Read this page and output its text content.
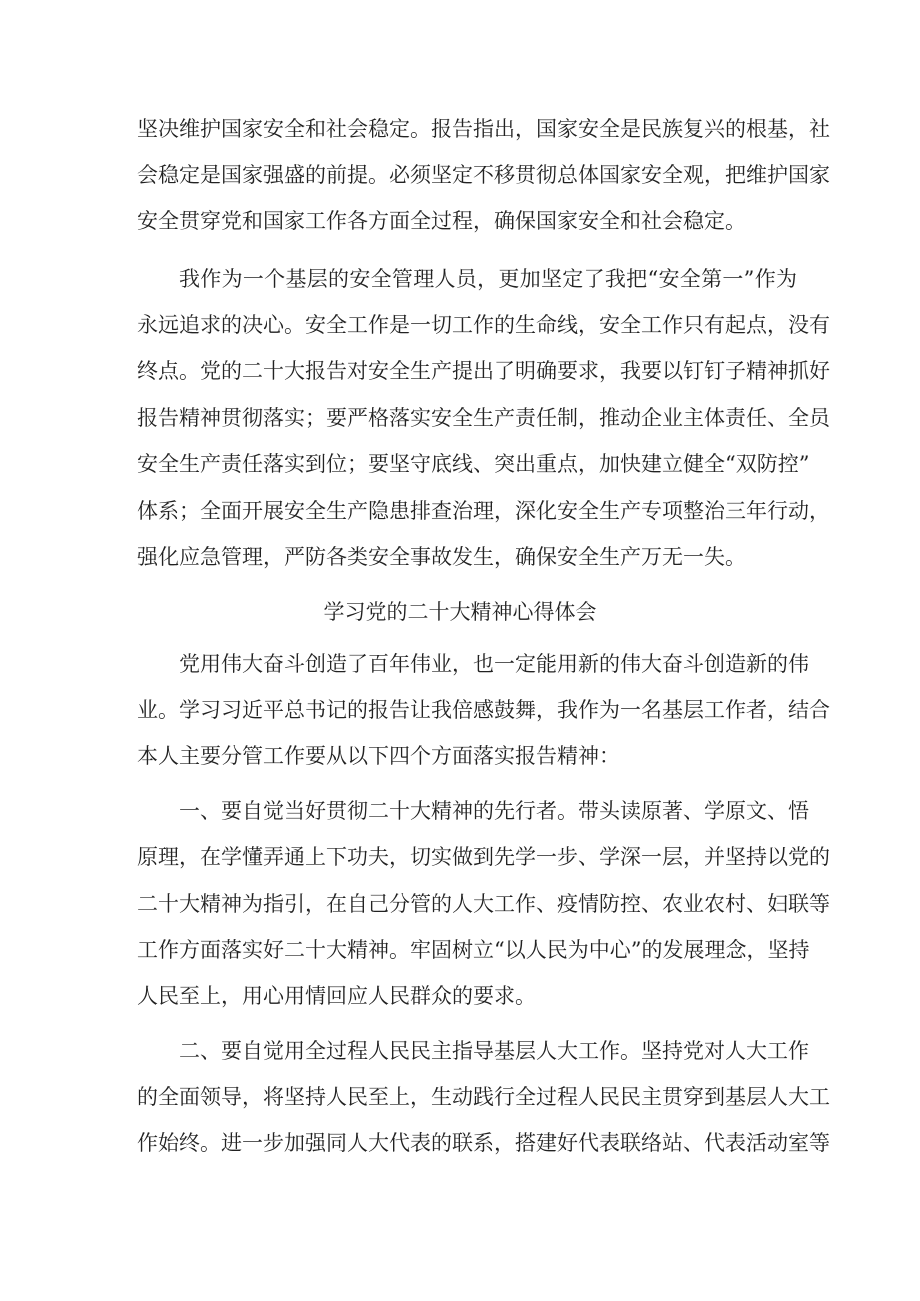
坚决维护国家安全和社会稳定。报告指出，国家安全是民族复兴的根基，社
会稳定是国家强盛的前提。必须坚定不移贯彻总体国家安全观，把维护国家
安全贯穿党和国家工作各方面全过程，确保国家安全和社会稳定。
我作为一个基层的安全管理人员，更加坚定了我把“安全第一”作为
永远追求的决心。安全工作是一切工作的生命线，安全工作只有起点，没有
终点。党的二十大报告对安全生产提出了明确要求，我要以钉钉子精神抓好
报告精神贯彻落实；要严格落实安全生产责任制，推动企业主体责任、全员
安全生产责任落实到位；要坚守底线、突出重点，加快建立健全“双防控”
体系；全面开展安全生产隐患排查治理，深化安全生产专项整治三年行动，
强化应急管理，严防各类安全事故发生，确保安全生产万无一失。
学习党的二十大精神心得体会
党用伟大奋斗创造了百年伟业，也一定能用新的伟大奋斗创造新的伟
业。学习习近平总书记的报告让我倍感鼓舞，我作为一名基层工作者，结合
本人主要分管工作要从以下四个方面落实报告精神：
一、要自觉当好贯彻二十大精神的先行者。带头读原著、学原文、悟
原理，在学懂弄通上下功夫，切实做到先学一步、学深一层，并坚持以党的
二十大精神为指引，在自己分管的人大工作、疫情防控、农业农村、妇联等
工作方面落实好二十大精神。牢固树立“以人民为中心”的发展理念，坚持
人民至上，用心用情回应人民群众的要求。
二、要自觉用全过程人民民主指导基层人大工作。坚持党对人大工作
的全面领导，将坚持人民至上，生动践行全过程人民民主贯穿到基层人大工
作始终。进一步加强同人大代表的联系，搭建好代表联络站、代表活动室等
